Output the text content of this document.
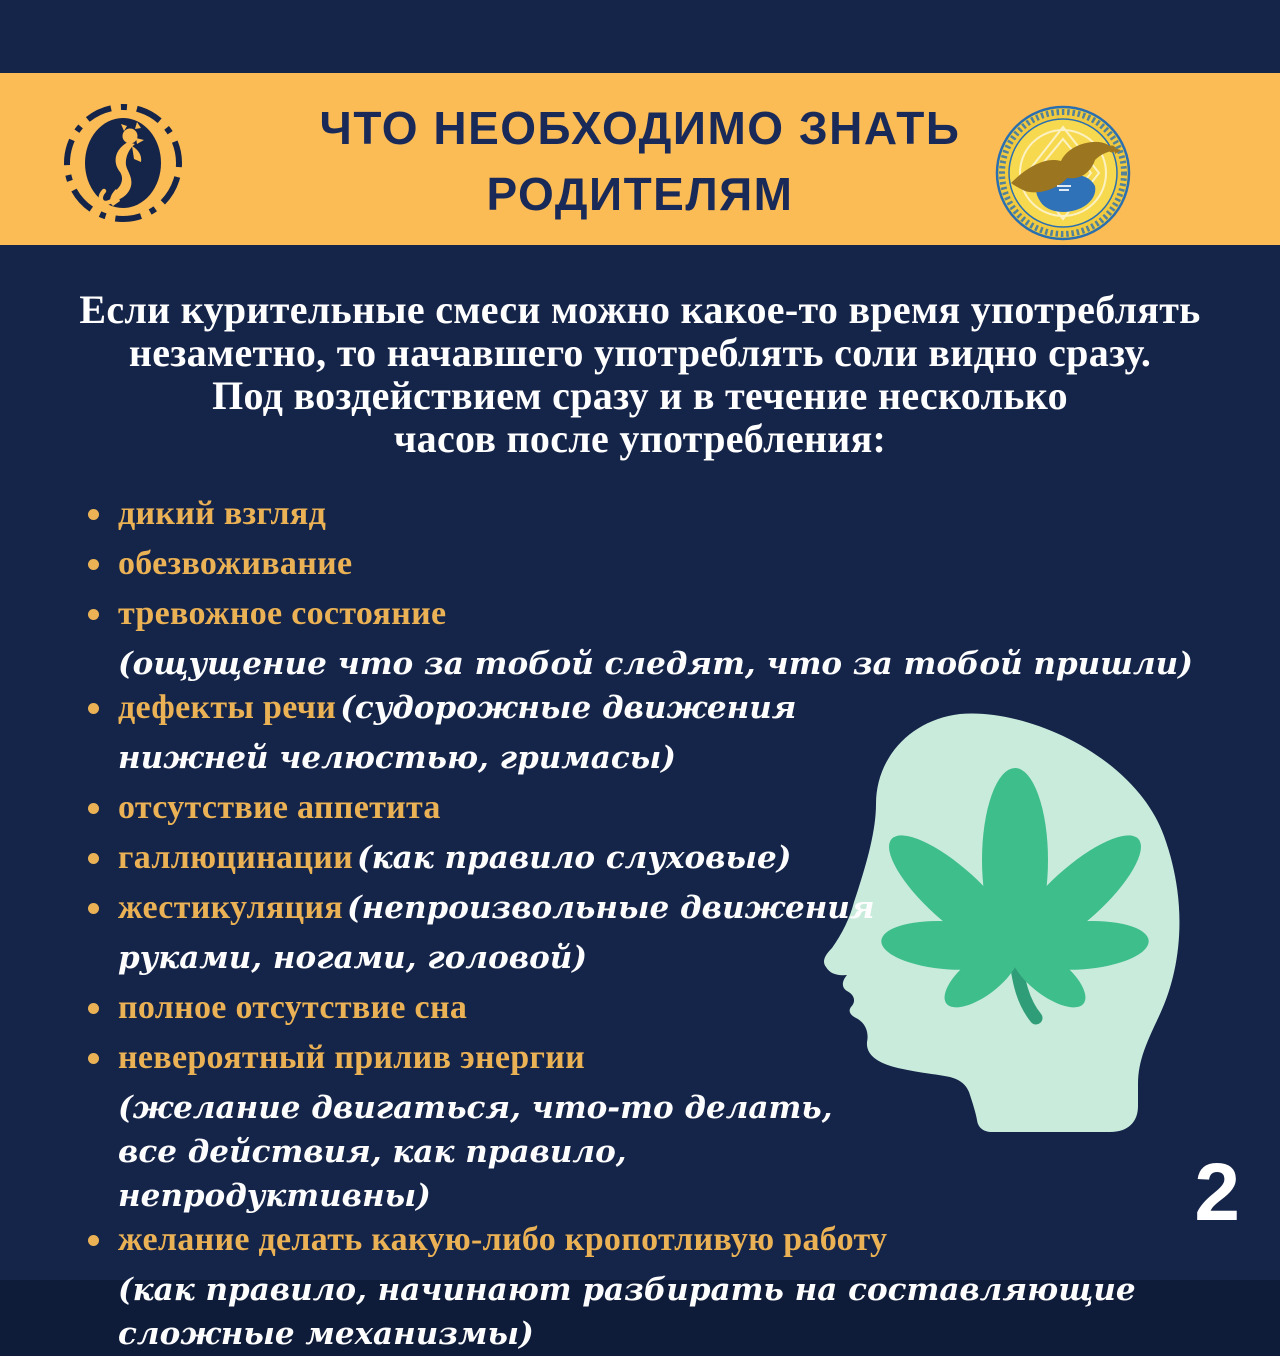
ЧТО НЕОБХОДИМО ЗНАТЬ
РОДИТЕЛЯМ
Если курительные смеси можно какое-то время употреблять
незаметно, то начавшего употреблять соли видно сразу.
Под воздействием сразу и в течение несколько
часов после употребления:
дикий взгляд
обезвоживание
тревожное состояние
(ощущение что за тобой следят, что за тобой пришли)
дефекты речи (судорожные движения нижней челюстью, гримасы)
отсутствие аппетита
галлюцинации (как правило слуховые)
жестикуляция (непроизвольные движения руками, ногами, головой)
полное отсутствие сна
невероятный прилив энергии
(желание двигаться, что-то делать, все действия, как правило, непродуктивны)
желание делать какую-либо кропотливую работу
(как правило, начинают разбирать на составляющие сложные механизмы)
2
